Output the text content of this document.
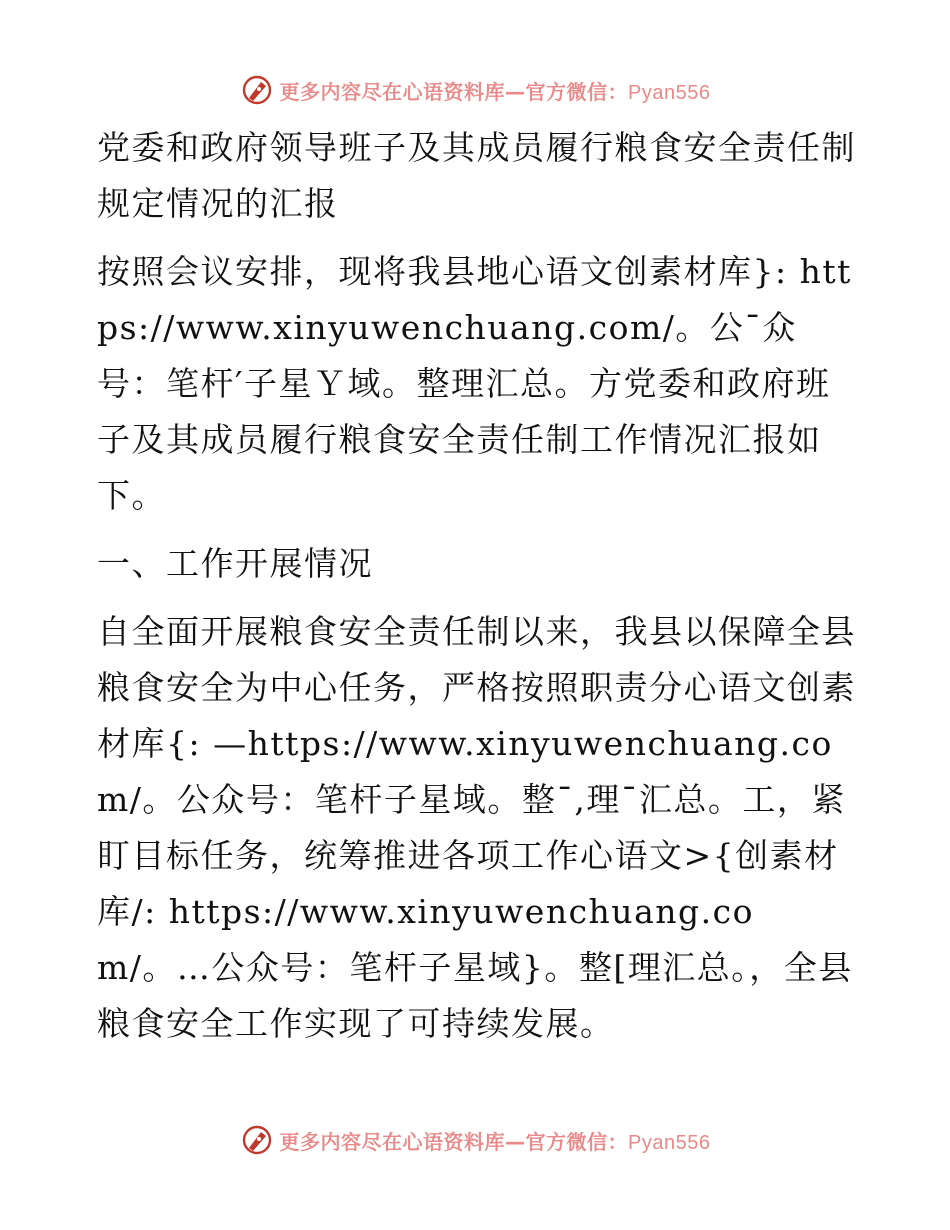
更多内容尽在心语资料库—官方微信：Pyan556

党委和政府领导班子及其成员履行粮食安全责任制规定情况的汇报

按照会议安排，现将我县地心语文创素材库}: https://www.xinyuwenchuang.com/。公¯众号：笔杆′子星Ｙ域。整理汇总。方党委和政府班子及其成员履行粮食安全责任制工作情况汇报如下。

一、工作开展情况

自全面开展粮食安全责任制以来，我县以保障全县粮食安全为中心任务，严格按照职责分心语文创素材库{: —https://www.xinyuwenchuang.com/。公众号：笔杆子星域。整¯,理¯汇总。工，紧盯目标任务，统筹推进各项工作心语文>{创素材库/: https://www.xinyuwenchuang.com/。…公众号：笔杆子星域}。整[理汇总。，全县粮食安全工作实现了可持续发展。

更多内容尽在心语资料库—官方微信：Pyan556
